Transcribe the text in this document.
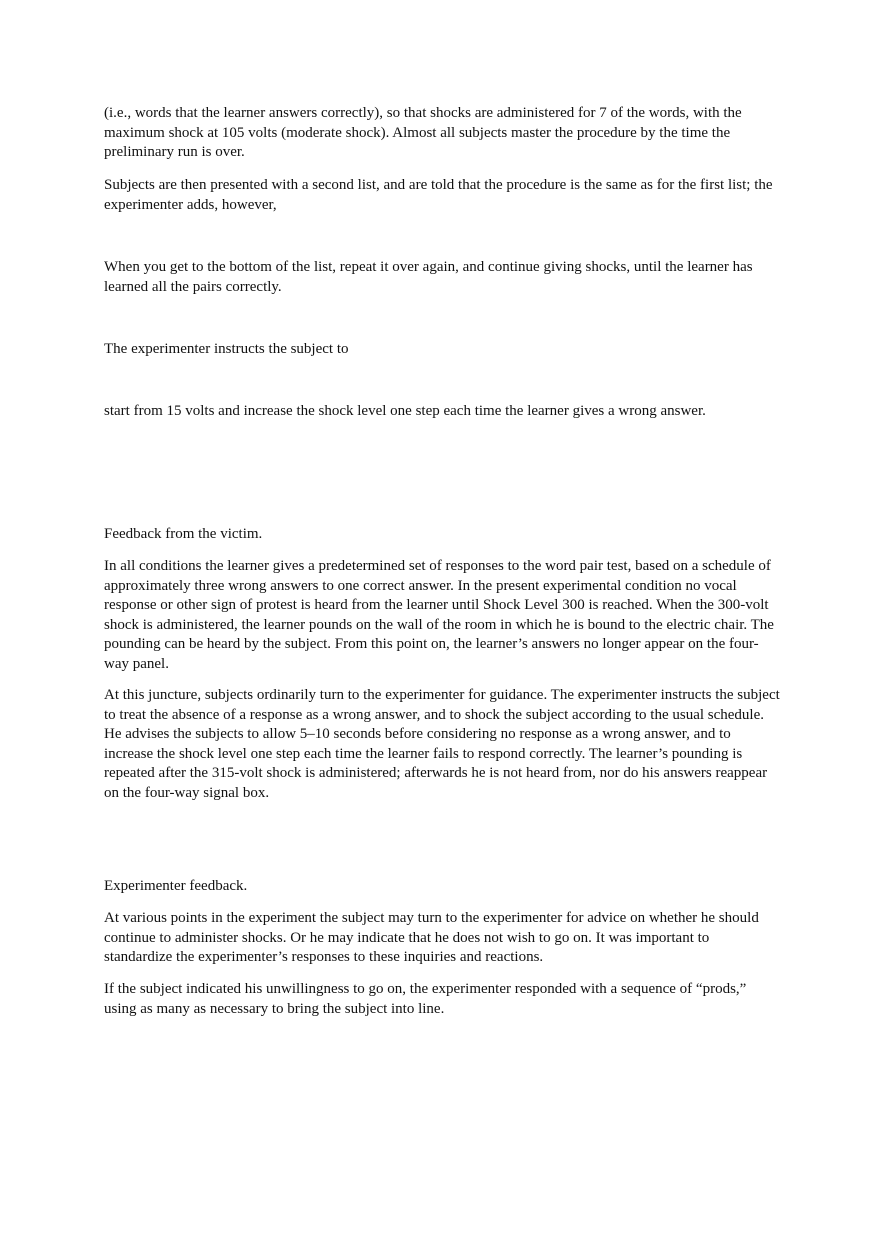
(i.e., words that the learner answers correctly), so that shocks are administered for 7 of the words, with the maximum shock at 105 volts (moderate shock). Almost all subjects master the procedure by the time the preliminary run is over.

Subjects are then presented with a second list, and are told that the procedure is the same as for the first list; the experimenter adds, however,

When you get to the bottom of the list, repeat it over again, and continue giving shocks, until the learner has learned all the pairs correctly.

The experimenter instructs the subject to

start from 15 volts and increase the shock level one step each time the learner gives a wrong answer.

Feedback from the victim.

In all conditions the learner gives a predetermined set of responses to the word pair test, based on a schedule of approximately three wrong answers to one correct answer. In the present experimental condition no vocal response or other sign of protest is heard from the learner until Shock Level 300 is reached. When the 300-volt shock is administered, the learner pounds on the wall of the room in which he is bound to the electric chair. The pounding can be heard by the subject. From this point on, the learner’s answers no longer appear on the four-way panel.

At this juncture, subjects ordinarily turn to the experimenter for guidance. The experimenter instructs the subject to treat the absence of a response as a wrong answer, and to shock the subject according to the usual schedule. He advises the subjects to allow 5–10 seconds before considering no response as a wrong answer, and to increase the shock level one step each time the learner fails to respond correctly. The learner’s pounding is repeated after the 315-volt shock is administered; afterwards he is not heard from, nor do his answers reappear on the four-way signal box.

Experimenter feedback.

At various points in the experiment the subject may turn to the experimenter for advice on whether he should continue to administer shocks. Or he may indicate that he does not wish to go on. It was important to standardize the experimenter’s responses to these inquiries and reactions.

If the subject indicated his unwillingness to go on, the experimenter responded with a sequence of “prods,” using as many as necessary to bring the subject into line.
